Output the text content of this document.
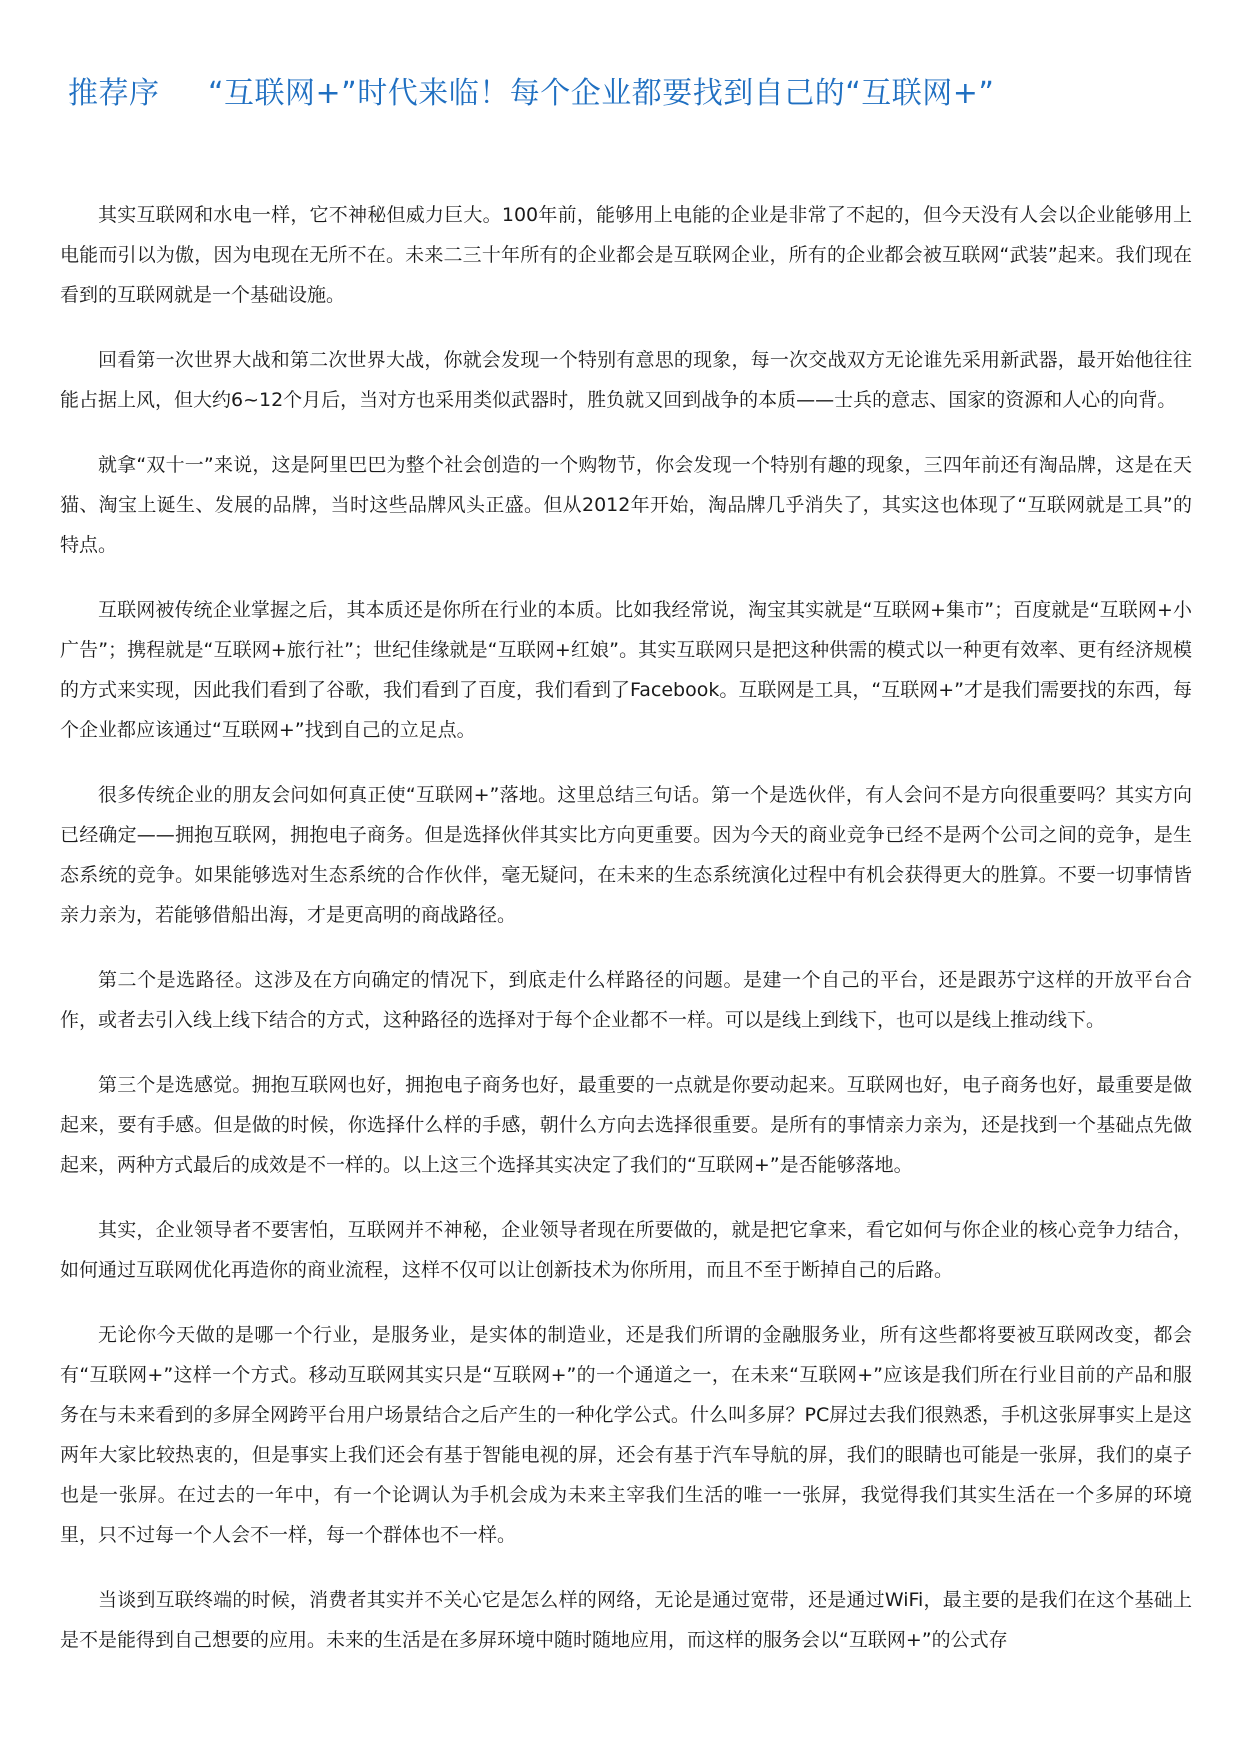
推荐序 “互联网+”时代来临！每个企业都要找到自己的“互联网+”

其实互联网和水电一样，它不神秘但威力巨大。100年前，能够用上电能的企业是非常了不起的，但今天没有人会以企业能够用上电能而引以为傲，因为电现在无所不在。未来二三十年所有的企业都会是互联网企业，所有的企业都会被互联网“武装”起来。我们现在看到的互联网就是一个基础设施。

回看第一次世界大战和第二次世界大战，你就会发现一个特别有意思的现象，每一次交战双方无论谁先采用新武器，最开始他往往能占据上风，但大约6~12个月后，当对方也采用类似武器时，胜负就又回到战争的本质——士兵的意志、国家的资源和人心的向背。

就拿“双十一”来说，这是阿里巴巴为整个社会创造的一个购物节，你会发现一个特别有趣的现象，三四年前还有淘品牌，这是在天猫、淘宝上诞生、发展的品牌，当时这些品牌风头正盛。但从2012年开始，淘品牌几乎消失了，其实这也体现了“互联网就是工具”的特点。

互联网被传统企业掌握之后，其本质还是你所在行业的本质。比如我经常说，淘宝其实就是“互联网+集市”；百度就是“互联网+小广告”；携程就是“互联网+旅行社”；世纪佳缘就是“互联网+红娘”。其实互联网只是把这种供需的模式以一种更有效率、更有经济规模的方式来实现，因此我们看到了谷歌，我们看到了百度，我们看到了Facebook。互联网是工具，“互联网+”才是我们需要找的东西，每个企业都应该通过“互联网+”找到自己的立足点。

很多传统企业的朋友会问如何真正使“互联网+”落地。这里总结三句话。第一个是选伙伴，有人会问不是方向很重要吗？其实方向已经确定——拥抱互联网，拥抱电子商务。但是选择伙伴其实比方向更重要。因为今天的商业竞争已经不是两个公司之间的竞争，是生态系统的竞争。如果能够选对生态系统的合作伙伴，毫无疑问，在未来的生态系统演化过程中有机会获得更大的胜算。不要一切事情皆亲力亲为，若能够借船出海，才是更高明的商战路径。

第二个是选路径。这涉及在方向确定的情况下，到底走什么样路径的问题。是建一个自己的平台，还是跟苏宁这样的开放平台合作，或者去引入线上线下结合的方式，这种路径的选择对于每个企业都不一样。可以是线上到线下，也可以是线上推动线下。

第三个是选感觉。拥抱互联网也好，拥抱电子商务也好，最重要的一点就是你要动起来。互联网也好，电子商务也好，最重要是做起来，要有手感。但是做的时候，你选择什么样的手感，朝什么方向去选择很重要。是所有的事情亲力亲为，还是找到一个基础点先做起来，两种方式最后的成效是不一样的。以上这三个选择其实决定了我们的“互联网+”是否能够落地。

其实，企业领导者不要害怕，互联网并不神秘，企业领导者现在所要做的，就是把它拿来，看它如何与你企业的核心竞争力结合，如何通过互联网优化再造你的商业流程，这样不仅可以让创新技术为你所用，而且不至于断掉自己的后路。

无论你今天做的是哪一个行业，是服务业，是实体的制造业，还是我们所谓的金融服务业，所有这些都将要被互联网改变，都会有“互联网+”这样一个方式。移动互联网其实只是“互联网+”的一个通道之一，在未来“互联网+”应该是我们所在行业目前的产品和服务在与未来看到的多屏全网跨平台用户场景结合之后产生的一种化学公式。什么叫多屏？PC屏过去我们很熟悉，手机这张屏事实上是这两年大家比较热衷的，但是事实上我们还会有基于智能电视的屏，还会有基于汽车导航的屏，我们的眼睛也可能是一张屏，我们的桌子也是一张屏。在过去的一年中，有一个论调认为手机会成为未来主宰我们生活的唯一一张屏，我觉得我们其实生活在一个多屏的环境里，只不过每一个人会不一样，每一个群体也不一样。

当谈到互联终端的时候，消费者其实并不关心它是怎么样的网络，无论是通过宽带，还是通过WiFi，最主要的是我们在这个基础上是不是能得到自己想要的应用。未来的生活是在多屏环境中随时随地应用，而这样的服务会以“互联网+”的公式存
